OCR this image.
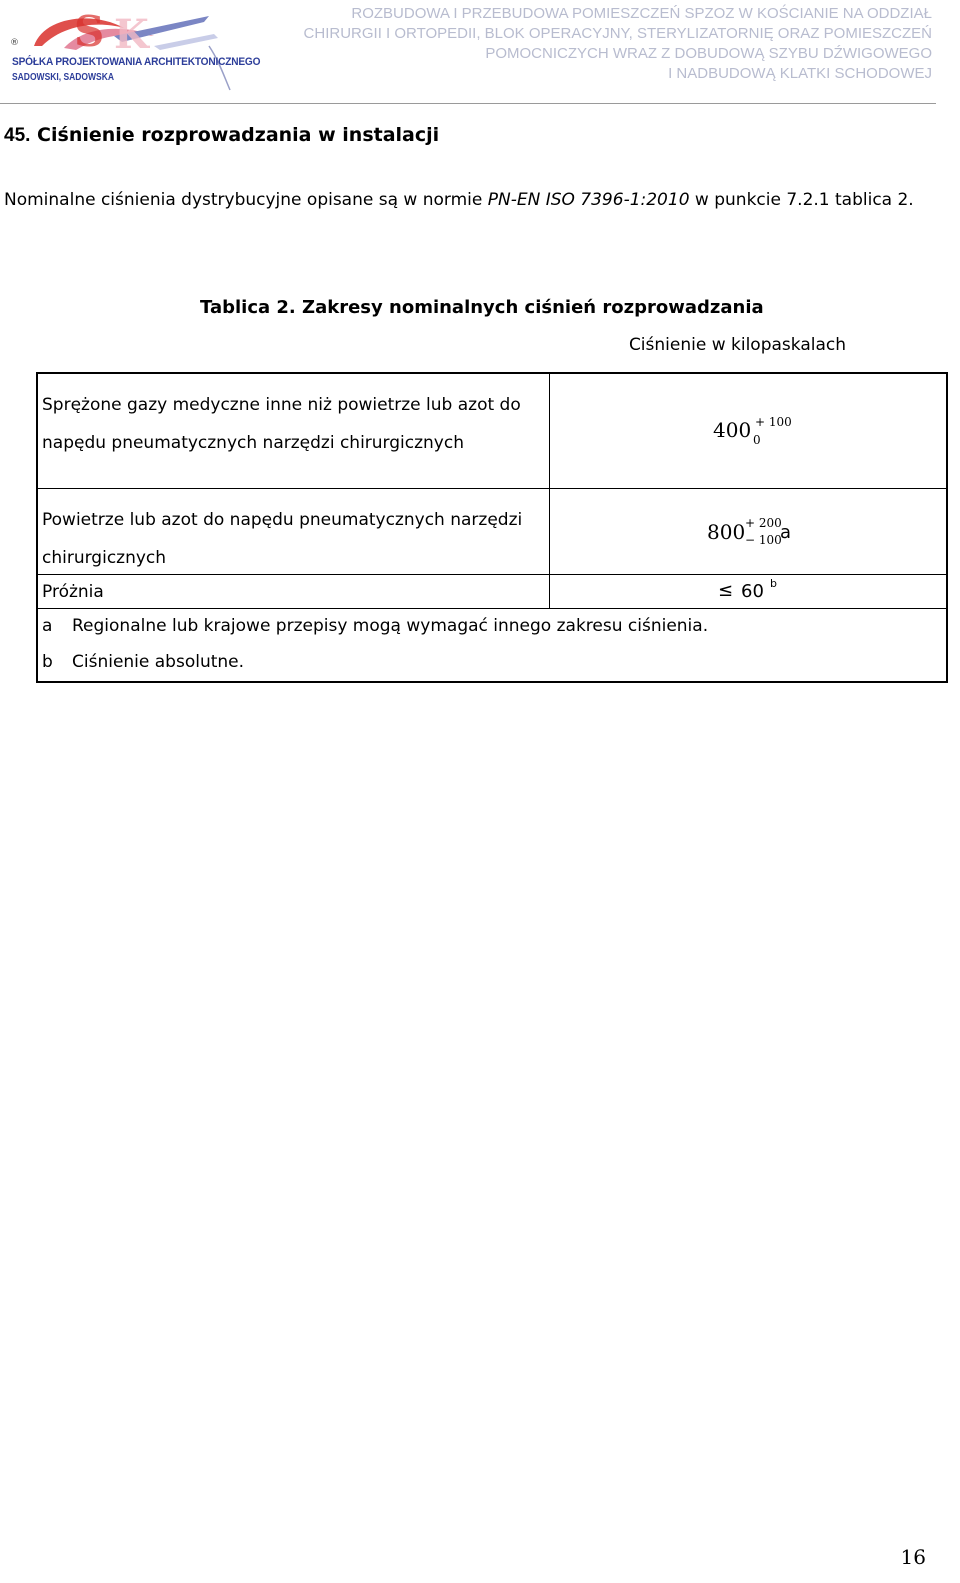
S K
®
SPÓŁKA PROJEKTOWANIA ARCHITEKTONICZNEGO
SADOWSKI, SADOWSKA
ROZBUDOWA I PRZEBUDOWA POMIESZCZEŃ SPZOZ W KOŚCIANIE NA ODDZIAŁ
CHIRURGII I ORTOPEDII, BLOK OPERACYJNY, STERYLIZATORNIĘ ORAZ POMIESZCZEŃ
POMOCNICZYCH WRAZ Z DOBUDOWĄ SZYBU DŹWIGOWEGO
I NADBUDOWĄ KLATKI SCHODOWEJ
45. Ciśnienie rozprowadzania w instalacji
Nominalne ciśnienia dystrybucyjne opisane są w normie PN-EN ISO 7396-1:2010 w punkcie 7.2.1 tablica 2.
Tablica 2. Zakresy nominalnych ciśnień rozprowadzania
Ciśnienie w kilopaskalach
Sprężone gazy medyczne inne niż powietrze lub azot do napędu pneumatycznych narzędzi chirurgicznych
400 + 100
0
Powietrze lub azot do napędu pneumatycznych narzędzi chirurgicznych
800 + 200
− 100
a
Próżnia	≤ 60 b
a Regionalne lub krajowe przepisy mogą wymagać innego zakresu ciśnienia.
b Ciśnienie absolutne.
16
